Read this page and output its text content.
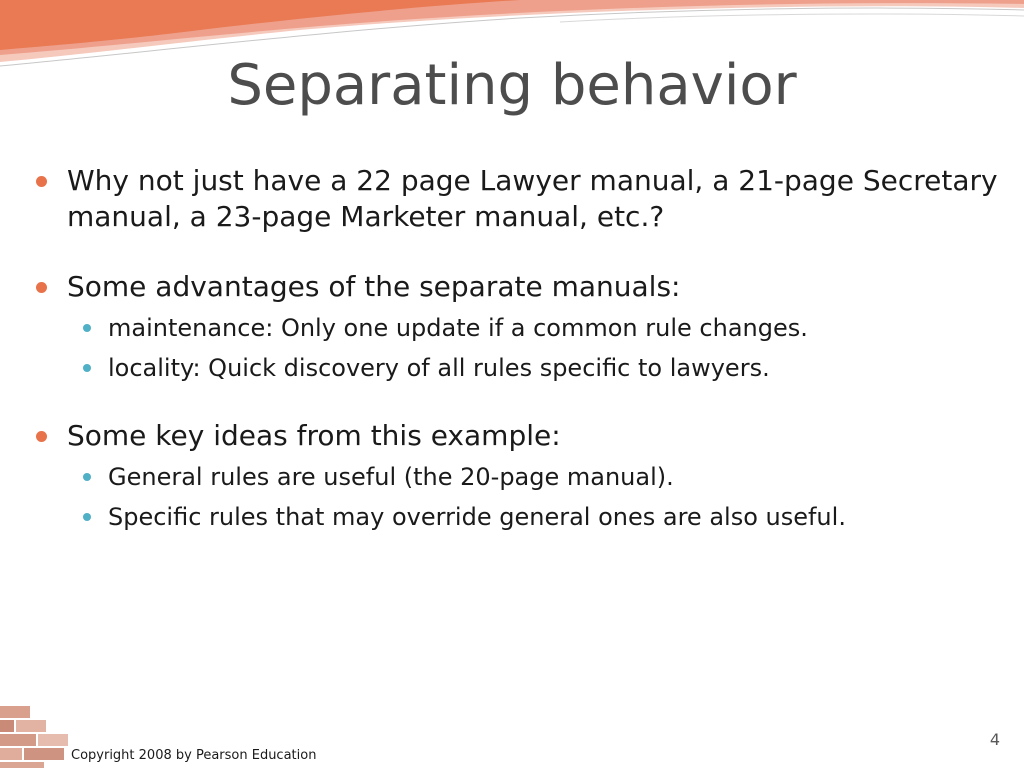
Separating behavior
Why not just have a 22 page Lawyer manual, a 21-page Secretary manual, a 23-page Marketer manual, etc.?
Some advantages of the separate manuals:
maintenance: Only one update if a common rule changes.
locality: Quick discovery of all rules specific to lawyers.
Some key ideas from this example:
General rules are useful (the 20-page manual).
Specific rules that may override general ones are also useful.
Copyright 2008 by Pearson Education
4
